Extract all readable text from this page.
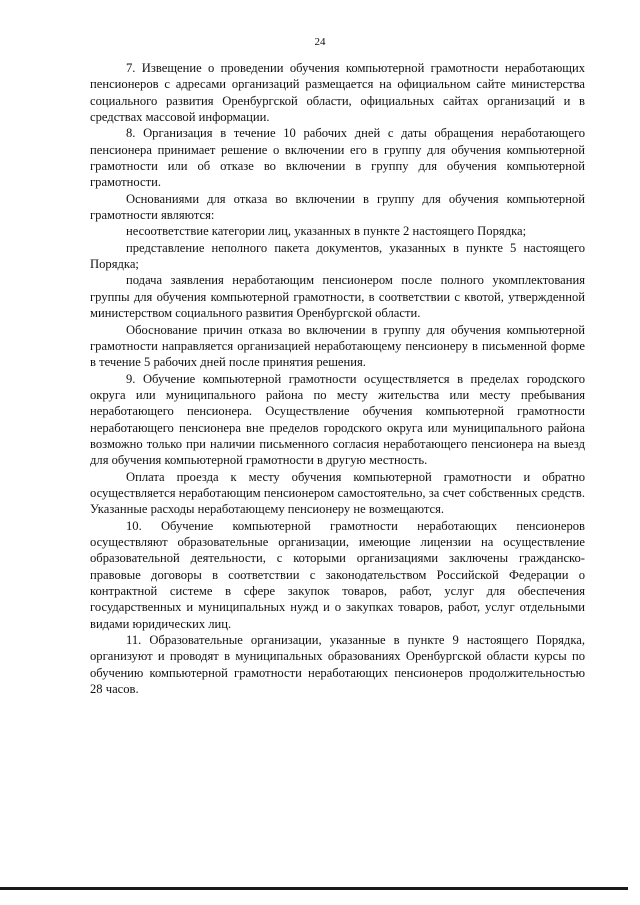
24

7. Извещение о проведении обучения компьютерной грамотности неработающих пенсионеров с адресами организаций размещается на официальном сайте министерства социального развития Оренбургской области, официальных сайтах организаций и в средствах массовой информации.

8. Организация в течение 10 рабочих дней с даты обращения неработающего пенсионера принимает решение о включении его в группу для обучения компьютерной грамотности или об отказе во включении в группу для обучения компьютерной грамотности.

Основаниями для отказа во включении в группу для обучения компьютерной грамотности являются:

несоответствие категории лиц, указанных в пункте 2 настоящего Порядка;

представление неполного пакета документов, указанных в пункте 5 настоящего Порядка;

подача заявления неработающим пенсионером после полного укомплектования группы для обучения компьютерной грамотности, в соответствии с квотой, утвержденной министерством социального развития Оренбургской области.

Обоснование причин отказа во включении в группу для обучения компьютерной грамотности направляется организацией неработающему пенсионеру в письменной форме в течение 5 рабочих дней после принятия решения.

9. Обучение компьютерной грамотности осуществляется в пределах городского округа или муниципального района по месту жительства или месту пребывания неработающего пенсионера. Осуществление обучения компьютерной грамотности неработающего пенсионера вне пределов городского округа или муниципального района возможно только при наличии письменного согласия неработающего пенсионера на выезд для обучения компьютерной грамотности в другую местность.

Оплата проезда к месту обучения компьютерной грамотности и обратно осуществляется неработающим пенсионером самостоятельно, за счет собственных средств. Указанные расходы неработающему пенсионеру не возмещаются.

10. Обучение компьютерной грамотности неработающих пенсионеров осуществляют образовательные организации, имеющие лицензии на осуществление образовательной деятельности, с которыми организациями заключены гражданско-правовые договоры в соответствии с законодательством Российской Федерации о контрактной системе в сфере закупок товаров, работ, услуг для обеспечения государственных и муниципальных нужд и о закупках товаров, работ, услуг отдельными видами юридических лиц.

11. Образовательные организации, указанные в пункте 9 настоящего Порядка, организуют и проводят в муниципальных образованиях Оренбургской области курсы по обучению компьютерной грамотности неработающих пенсионеров продолжительностью 28 часов.
